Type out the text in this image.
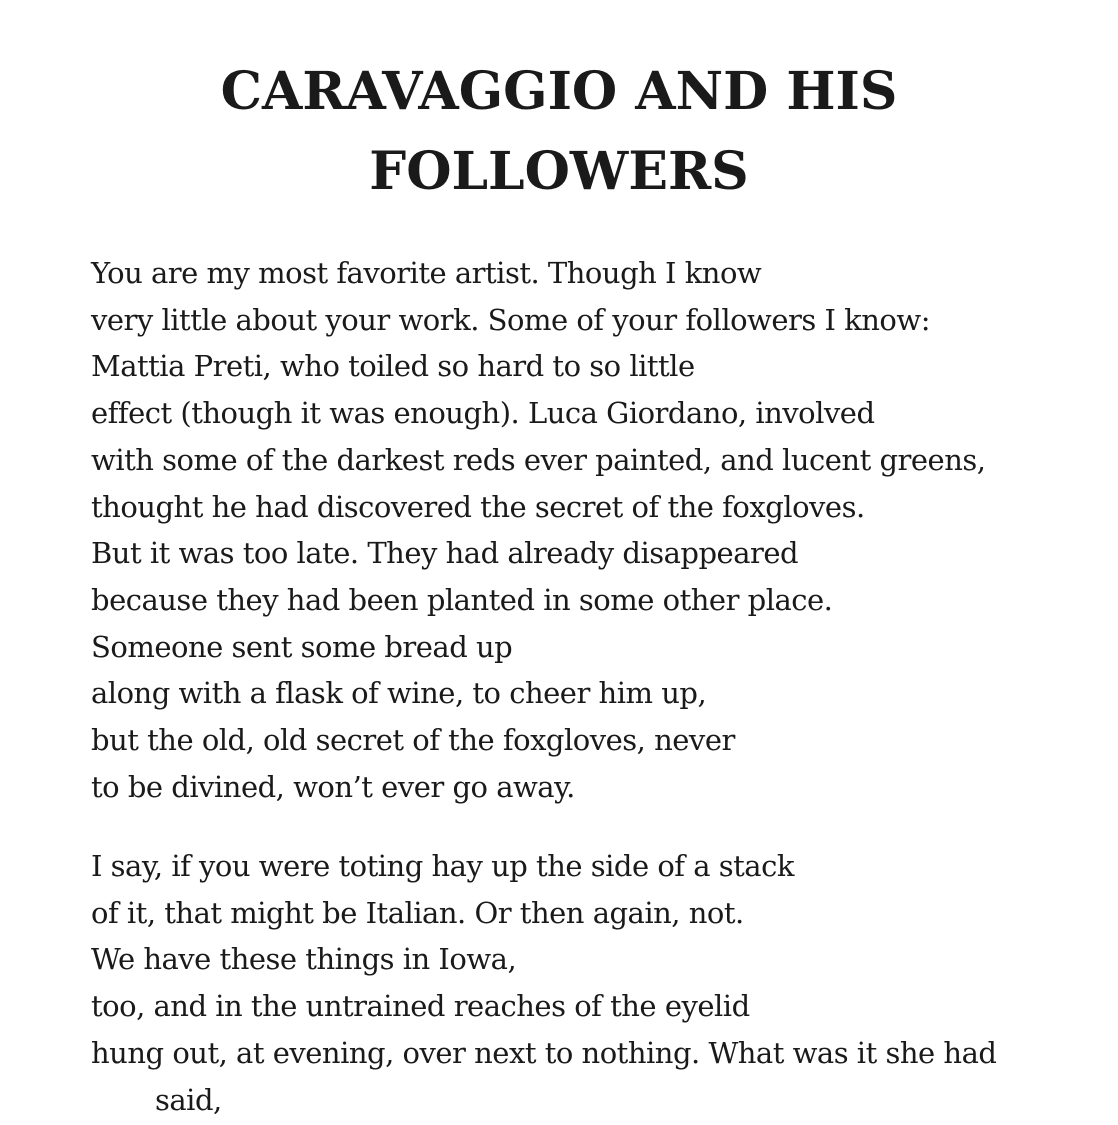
CARAVAGGIO AND HIS
FOLLOWERS
You are my most favorite artist. Though I know
very little about your work. Some of your followers I know:
Mattia Preti, who toiled so hard to so little
effect (though it was enough). Luca Giordano, involved
with some of the darkest reds ever painted, and lucent greens,
thought he had discovered the secret of the foxgloves.
But it was too late. They had already disappeared
because they had been planted in some other place.
Someone sent some bread up
along with a flask of wine, to cheer him up,
but the old, old secret of the foxgloves, never
to be divined, won’t ever go away.
I say, if you were toting hay up the side of a stack
of it, that might be Italian. Or then again, not.
We have these things in Iowa,
too, and in the untrained reaches of the eyelid
hung out, at evening, over next to nothing. What was it she had
said,
